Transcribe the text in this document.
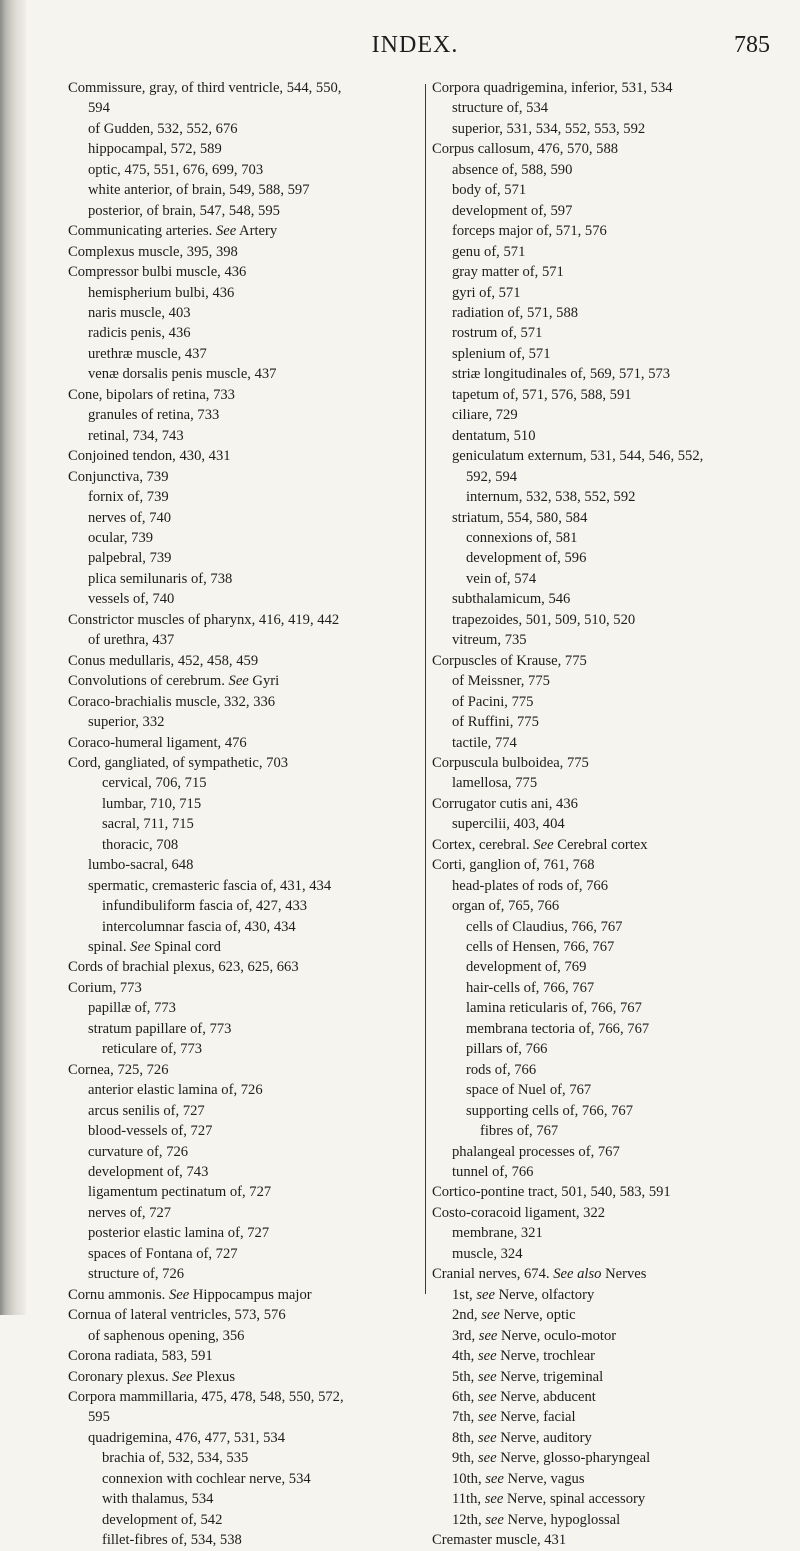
INDEX.	785
Commissure, gray, of third ventricle, 544, 550,
594
of Gudden, 532, 552, 676
hippocampal, 572, 589
optic, 475, 551, 676, 699, 703
white anterior, of brain, 549, 588, 597
posterior, of brain, 547, 548, 595
Communicating arteries. See Artery
Complexus muscle, 395, 398
Compressor bulbi muscle, 436
hemispherium bulbi, 436
naris muscle, 403
radicis penis, 436
urethræ muscle, 437
venæ dorsalis penis muscle, 437
Cone, bipolars of retina, 733
granules of retina, 733
retinal, 734, 743
Conjoined tendon, 430, 431
Conjunctiva, 739
fornix of, 739
nerves of, 740
ocular, 739
palpebral, 739
plica semilunaris of, 738
vessels of, 740
Constrictor muscles of pharynx, 416, 419, 442
of urethra, 437
Conus medullaris, 452, 458, 459
Convolutions of cerebrum. See Gyri
Coraco-brachialis muscle, 332, 336
superior, 332
Coraco-humeral ligament, 476
Cord, gangliated, of sympathetic, 703
cervical, 706, 715
lumbar, 710, 715
sacral, 711, 715
thoracic, 708
lumbo-sacral, 648
spermatic, cremasteric fascia of, 431, 434
infundibuliform fascia of, 427, 433
intercolumnar fascia of, 430, 434
spinal. See Spinal cord
Cords of brachial plexus, 623, 625, 663
Corium, 773
papillæ of, 773
stratum papillare of, 773
reticulare of, 773
Cornea, 725, 726
anterior elastic lamina of, 726
arcus senilis of, 727
blood-vessels of, 727
curvature of, 726
development of, 743
ligamentum pectinatum of, 727
nerves of, 727
posterior elastic lamina of, 727
spaces of Fontana of, 727
structure of, 726
Cornu ammonis. See Hippocampus major
Cornua of lateral ventricles, 573, 576
of saphenous opening, 356
Corona radiata, 583, 591
Coronary plexus. See Plexus
Corpora mammillaria, 475, 478, 548, 550, 572,
595
quadrigemina, 476, 477, 531, 534
brachia of, 532, 534, 535
connexion with cochlear nerve, 534
with thalamus, 534
development of, 542
fillet-fibres of, 534, 538
Corpora quadrigemina, inferior, 531, 534
structure of, 534
superior, 531, 534, 552, 553, 592
Corpus callosum, 476, 570, 588
absence of, 588, 590
body of, 571
development of, 597
forceps major of, 571, 576
genu of, 571
gray matter of, 571
gyri of, 571
radiation of, 571, 588
rostrum of, 571
splenium of, 571
striæ longitudinales of, 569, 571, 573
tapetum of, 571, 576, 588, 591
ciliare, 729
dentatum, 510
geniculatum externum, 531, 544, 546, 552,
592, 594
internum, 532, 538, 552, 592
striatum, 554, 580, 584
connexions of, 581
development of, 596
vein of, 574
subthalamicum, 546
trapezoides, 501, 509, 510, 520
vitreum, 735
Corpuscles of Krause, 775
of Meissner, 775
of Pacini, 775
of Ruffini, 775
tactile, 774
Corpuscula bulboidea, 775
lamellosa, 775
Corrugator cutis ani, 436
supercilii, 403, 404
Cortex, cerebral. See Cerebral cortex
Corti, ganglion of, 761, 768
head-plates of rods of, 766
organ of, 765, 766
cells of Claudius, 766, 767
cells of Hensen, 766, 767
development of, 769
hair-cells of, 766, 767
lamina reticularis of, 766, 767
membrana tectoria of, 766, 767
pillars of, 766
rods of, 766
space of Nuel of, 767
supporting cells of, 766, 767
fibres of, 767
phalangeal processes of, 767
tunnel of, 766
Cortico-pontine tract, 501, 540, 583, 591
Costo-coracoid ligament, 322
membrane, 321
muscle, 324
Cranial nerves, 674. See also Nerves
1st, see Nerve, olfactory
2nd, see Nerve, optic
3rd, see Nerve, oculo-motor
4th, see Nerve, trochlear
5th, see Nerve, trigeminal
6th, see Nerve, abducent
7th, see Nerve, facial
8th, see Nerve, auditory
9th, see Nerve, glosso-pharyngeal
10th, see Nerve, vagus
11th, see Nerve, spinal accessory
12th, see Nerve, hypoglossal
Cremaster muscle, 431
